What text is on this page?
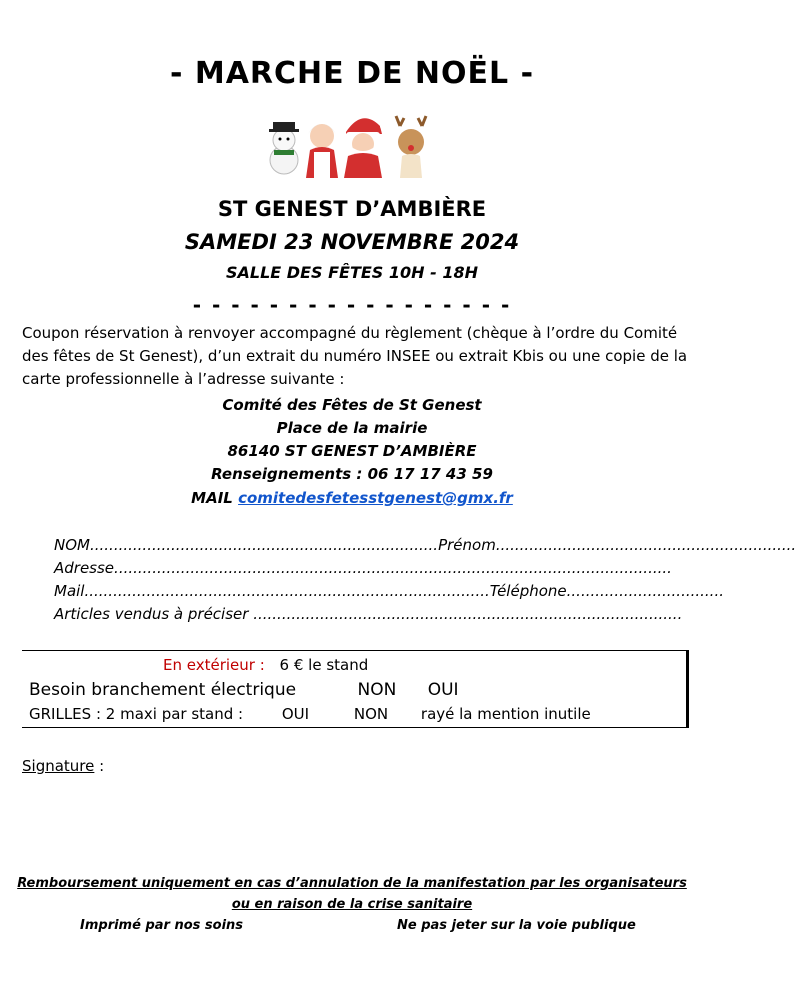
- MARCHE DE NOËL -
ST GENEST D’AMBIÈRE
SAMEDI 23 NOVEMBRE 2024
SALLE DES FÊTES 10H - 18H
- - - - - - - - - - - - - - - - -
Coupon réservation à renvoyer accompagné du règlement (chèque à l’ordre du Comité des fêtes de St Genest), d’un extrait du numéro INSEE ou extrait Kbis ou une copie de la carte professionnelle à l’adresse suivante :
Comité des Fêtes de St Genest
Place de la mairie
86140 ST GENEST D’AMBIÈRE
Renseignements : 06 17 17 43 59
MAIL comitedesfetesstgenest@gmx.fr
NOM.........................................................................Prénom...............................................................
Adresse.....................................................................................................................
Mail.....................................................................................Téléphone.................................
Articles vendus à préciser ..........................................................................................
En extérieur : 6 € le stand
Besoin branchement électrique	NON OUI
GRILLES : 2 maxi par stand :	OUI	NON rayé la mention inutile
Signature :
Remboursement uniquement en cas d’annulation de la manifestation par les organisateurs
ou en raison de la crise sanitaire
Imprimé par nos soins	Ne pas jeter sur la voie publique
